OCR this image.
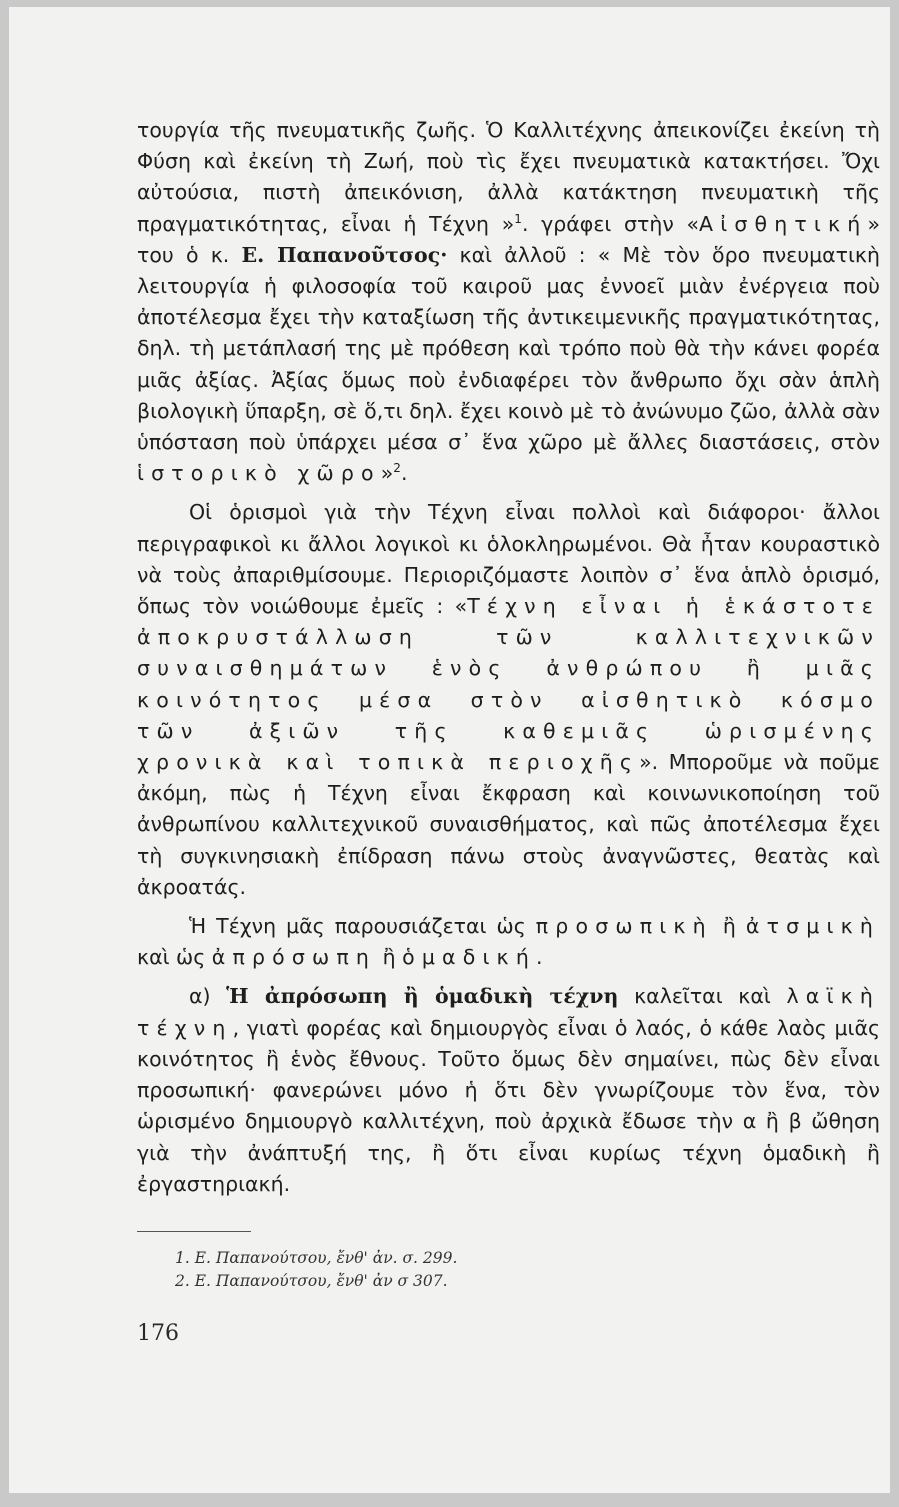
τουργία τῆς πνευματικῆς ζωῆς. Ὁ Καλλιτέχνης ἀπεικονίζει ἐκείνη τὴ Φύση καὶ ἐκείνη τὴ Ζωή, ποὺ τὶς ἔχει πνευματικὰ κατακτήσει. Ὄχι αὐτούσια, πιστὴ ἀπεικόνιση, ἀλλὰ κατάκτηση πνευματικὴ τῆς πραγματικότητας, εἶναι ἡ Τέχνη »$^1$. γράφει στὴν «Αἰσθητική» του ὁ κ. Ε. Παπανοῦτσος· καὶ ἀλλοῦ : « Μὲ τὸν ὅρο πνευματικὴ λειτουργία ἡ φιλοσοφία τοῦ καιροῦ μας ἐννοεῖ μιὰν ἐνέργεια ποὺ ἀποτέλεσμα ἔχει τὴν καταξίωση τῆς ἀντικειμενικῆς πραγματικότητας, δηλ. τὴ μετάπλασή της μὲ πρόθεση καὶ τρόπο ποὺ θὰ τὴν κάνει φορέα μιᾶς ἀξίας. Ἀξίας ὅμως ποὺ ἐνδιαφέρει τὸν ἄνθρωπο ὄχι σὰν ἁπλὴ βιολογικὴ ὕπαρξη, σὲ ὅ,τι δηλ. ἔχει κοινὸ μὲ τὸ ἀνώνυμο ζῶο, ἀλλὰ σὰν ὑπόσταση ποὺ ὑπάρχει μέσα σ᾽ ἕνα χῶρο μὲ ἄλλες διαστάσεις, στὸν ἱστορικὸ χῶρο»$^2$.

Οἱ ὁρισμοὶ γιὰ τὴν Τέχνη εἶναι πολλοὶ καὶ διάφοροι· ἄλλοι περιγραφικοὶ κι ἄλλοι λογικοὶ κι ὁλοκληρωμένοι. Θὰ ἦταν κουραστικὸ νὰ τοὺς ἀπαριθμίσουμε. Περιοριζόμαστε λοιπὸν σ᾽ ἕνα ἁπλὸ ὁρισμό, ὅπως τὸν νοιώθουμε ἐμεῖς : «Τέχνη εἶναι ἡ ἑκάστοτε ἀποκρυστάλλωση τῶν καλλιτεχνικῶν συναισθημάτων ἑνὸς ἀνθρώπου ἢ μιᾶς κοινότητος μέσα στὸν αἰσθητικὸ κόσμο τῶν ἀξιῶν τῆς καθεμιᾶς ὡρισμένης χρονικὰ καὶ τοπικὰ περιοχῆς». Μποροῦμε νὰ ποῦμε ἀκόμη, πὼς ἡ Τέχνη εἶναι ἔκφραση καὶ κοινωνικοποίηση τοῦ ἀνθρωπίνου καλλιτεχνικοῦ συναισθήματος, καὶ πῶς ἀποτέλεσμα ἔχει τὴ συγκινησιακὴ ἐπίδραση πάνω στοὺς ἀναγνῶστες, θεατὰς καὶ ἀκροατάς.

Ἡ Τέχνη μᾶς παρουσιάζεται ὡς προσωπικὴ ἢ ἀτσμικὴ καὶ ὡς ἀπρόσωπη ἢ ὁμαδική.

α) Ἡ ἀπρόσωπη ἢ ὁμαδικὴ τέχνη καλεῖται καὶ λαϊκὴ τέχνη, γιατὶ φορέας καὶ δημιουργὸς εἶναι ὁ λαός, ὁ κάθε λαὸς μιᾶς κοινότητος ἢ ἑνὸς ἔθνους. Τοῦτο ὅμως δὲν σημαίνει, πὼς δὲν εἶναι προσωπική· φανερώνει μόνο ἡ ὅτι δὲν γνωρίζουμε τὸν ἕνα, τὸν ὡρισμένο δημιουργὸ καλλιτέχνη, ποὺ ἀρχικὰ ἔδωσε τὴν α ἢ β ὤθηση γιὰ τὴν ἀνάπτυξή της, ἢ ὅτι εἶναι κυρίως τέχνη ὁμαδικὴ ἢ ἐργαστηριακή.

1. Ε. Παπανούτσου, ἔνθ' ἀν. σ. 299.
2. Ε. Παπανούτσου, ἔνθ' ἀν σ 307.
176
